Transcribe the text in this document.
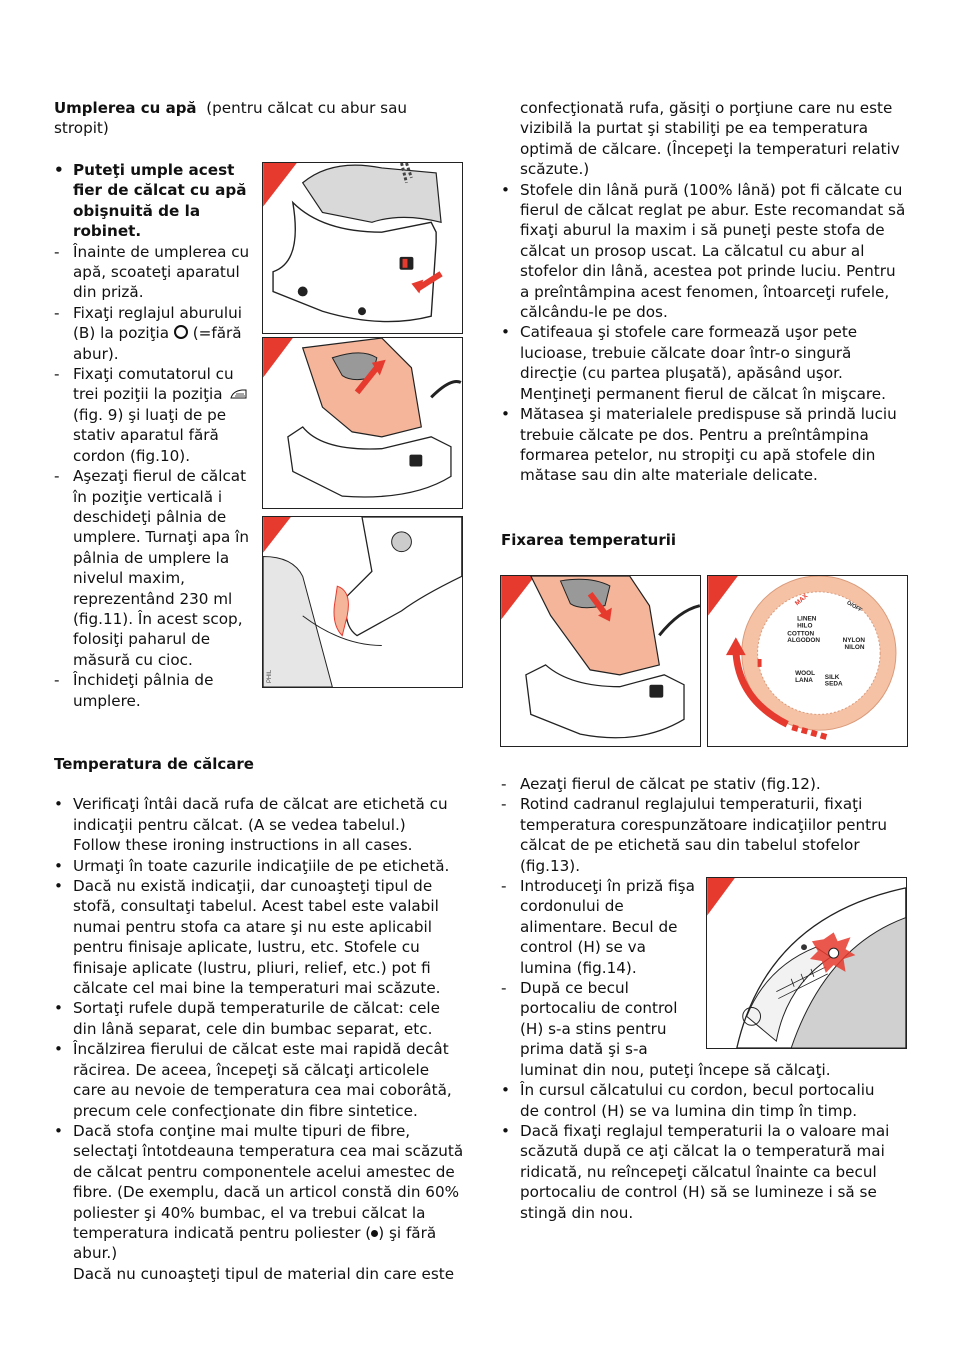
Umplerea cu apă (pentru călcat cu abur sau stropit)
• Puteţi umple acest
fier de călcat cu apă
obişnuită de la
robinet.
- Înainte de umplerea cu
apă, scoateţi aparatul
din priză.
- Fixaţi reglajul aburului
(B) la poziţia (=fără
abur).
- Fixaţi comutatorul cu
trei poziţii la poziţia
(fig. 9) şi luaţi de pe
stativ aparatul fără
cordon (fig.10).
- Aşezaţi fierul de călcat
în poziţie verticală i
deschideţi pâlnia de
umplere. Turnaţi apa în
pâlnia de umplere la
nivelul maxim,
reprezentând 230 ml
(fig.11). În acest scop,
folosiţi paharul de
măsură cu cioc.
- Închideţi pâlnia de
umplere.
PHIL
Temperatura de călcare
• Verificaţi întâi dacă rufa de călcat are etichetă cu
indicaţii pentru călcat. (A se vedea tabelul.)
Follow these ironing instructions in all cases.
• Urmaţi în toate cazurile indicaţiile de pe etichetă.
• Dacă nu există indicaţii, dar cunoaşteţi tipul de
stofă, consultaţi tabelul. Acest tabel este valabil
numai pentru stofa ca atare şi nu este aplicabil
pentru finisaje aplicate, lustru, etc. Stofele cu
finisaje aplicate (lustru, pliuri, relief, etc.) pot fi
călcate cel mai bine la temperaturi mai scăzute.
• Sortaţi rufele după temperaturile de călcat: cele
din lână separat, cele din bumbac separat, etc.
• Încălzirea fierului de călcat este mai rapidă decât
răcirea. De aceea, începeţi să călcaţi articolele
care au nevoie de temperatura cea mai coborâtă,
precum cele confecţionate din fibre sintetice.
• Dacă stofa conţine mai multe tipuri de fibre,
selectaţi întotdeauna temperatura cea mai scăzută
de călcat pentru componentele acelui amestec de
fibre. (De exemplu, dacă un articol constă din 60%
poliester şi 40% bumbac, el va trebui călcat la
temperatura indicată pentru poliester ( ) şi fără
abur.)
Dacă nu cunoaşteţi tipul de material din care este
confecţionată rufa, găsiţi o porţiune care nu este
vizibilă la purtat şi stabiliţi pe ea temperatura
optimă de călcare. (Începeţi la temperaturi relativ
scăzute.)
• Stofele din lână pură (100% lână) pot fi călcate cu
fierul de călcat reglat pe abur. Este recomandat să
fixaţi aburul la maxim i să puneţi peste stofa de
călcat un prosop uscat. La călcatul cu abur al
stofelor din lână, acestea pot prinde luciu. Pentru
a preîntâmpina acest fenomen, întoarceţi rufele,
călcându-le pe dos.
• Catifeaua şi stofele care formează uşor pete
lucioase, trebuie călcate doar într-o singură
direcţie (cu partea pluşată), apăsând uşor.
Menţineţi permanent fierul de călcat în mişcare.
• Mătasea şi materialele predispuse să prindă luciu
trebuie călcate pe dos. Pentru a preîntâmpina
formarea petelor, nu stropiţi cu apă stofele din
mătase sau din alte materiale delicate.
Fixarea temperaturii
MAX	O/OFF
LINEN
HILO
COTTON
ALGODON	NYLON
NILON
WOOL
LANA SILK
SEDA
- Aezaţi fierul de călcat pe stativ (fig.12).
- Rotind cadranul reglajului temperaturii, fixaţi
temperatura corespunzătoare indicaţiilor pentru
călcat de pe etichetă sau din tabelul stofelor
(fig.13).
- Introduceţi în priză fişa
cordonului de
alimentare. Becul de
control (H) se va
lumina (fig.14).
- După ce becul
portocaliu de control
(H) s-a stins pentru
prima dată şi s-a
luminat din nou, puteţi începe să călcaţi.
• În cursul călcatului cu cordon, becul portocaliu
de control (H) se va lumina din timp în timp.
• Dacă fixaţi reglajul temperaturii la o valoare mai
scăzută după ce aţi călcat la o temperatură mai
ridicată, nu reîncepeţi călcatul înainte ca becul
portocaliu de control (H) să se lumineze i să se
stingă din nou.
